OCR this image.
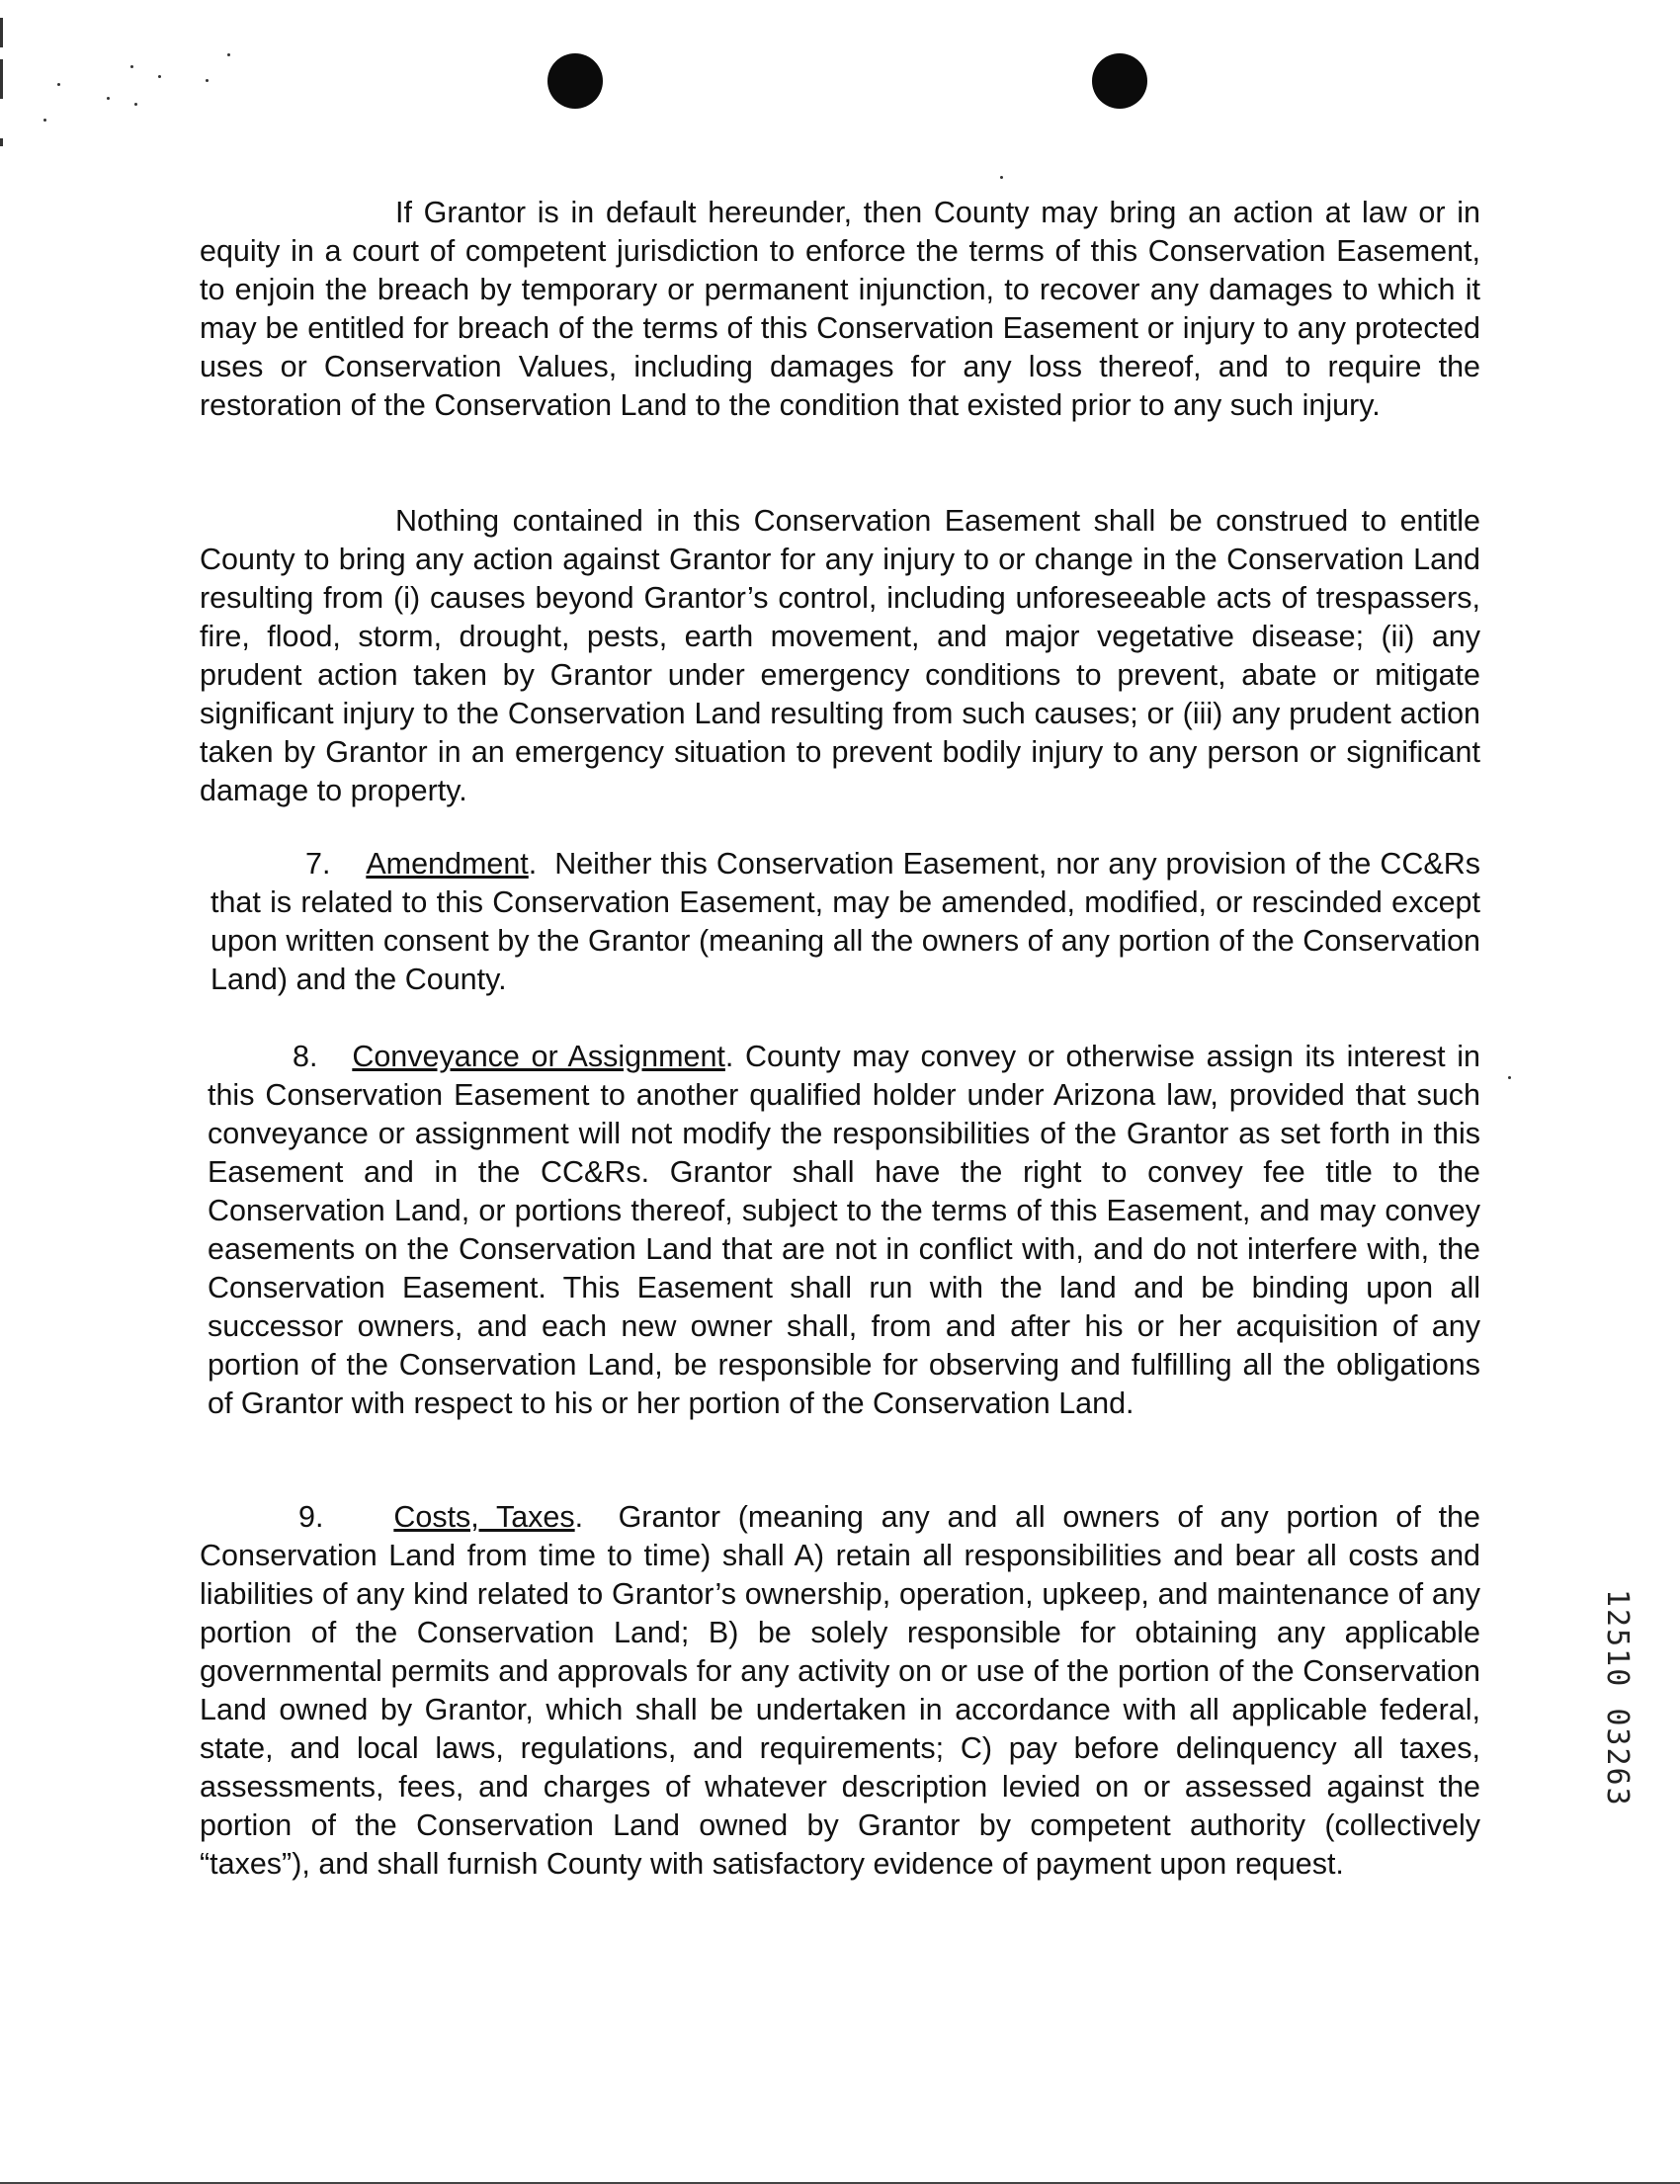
If Grantor is in default hereunder, then County may bring an action at law or in equity in a court of competent jurisdiction to enforce the terms of this Conservation Easement, to enjoin the breach by temporary or permanent injunction, to recover any damages to which it may be entitled for breach of the terms of this Conservation Easement or injury to any protected uses or Conservation Values, including damages for any loss thereof, and to require the restoration of the Conservation Land to the condition that existed prior to any such injury.

Nothing contained in this Conservation Easement shall be construed to entitle County to bring any action against Grantor for any injury to or change in the Conservation Land resulting from (i) causes beyond Grantor’s control, including unforeseeable acts of trespassers, fire, flood, storm, drought, pests, earth movement, and major vegetative disease; (ii) any prudent action taken by Grantor under emergency conditions to prevent, abate or mitigate significant injury to the Conservation Land resulting from such causes; or (iii) any prudent action taken by Grantor in an emergency situation to prevent bodily injury to any person or significant damage to property.

7. Amendment. Neither this Conservation Easement, nor any provision of the CC&Rs that is related to this Conservation Easement, may be amended, modified, or rescinded except upon written consent by the Grantor (meaning all the owners of any portion of the Conservation Land) and the County.

8. Conveyance or Assignment. County may convey or otherwise assign its interest in this Conservation Easement to another qualified holder under Arizona law, provided that such conveyance or assignment will not modify the responsibilities of the Grantor as set forth in this Easement and in the CC&Rs. Grantor shall have the right to convey fee title to the Conservation Land, or portions thereof, subject to the terms of this Easement, and may convey easements on the Conservation Land that are not in conflict with, and do not interfere with, the Conservation Easement. This Easement shall run with the land and be binding upon all successor owners, and each new owner shall, from and after his or her acquisition of any portion of the Conservation Land, be responsible for observing and fulfilling all the obligations of Grantor with respect to his or her portion of the Conservation Land.

9. Costs, Taxes. Grantor (meaning any and all owners of any portion of the Conservation Land from time to time) shall A) retain all responsibilities and bear all costs and liabilities of any kind related to Grantor’s ownership, operation, upkeep, and maintenance of any portion of the Conservation Land; B) be solely responsible for obtaining any applicable governmental permits and approvals for any activity on or use of the portion of the Conservation Land owned by Grantor, which shall be undertaken in accordance with all applicable federal, state, and local laws, regulations, and requirements; C) pay before delinquency all taxes, assessments, fees, and charges of whatever description levied on or assessed against the portion of the Conservation Land owned by Grantor by competent authority (collectively “taxes”), and shall furnish County with satisfactory evidence of payment upon request.

12510 03263
